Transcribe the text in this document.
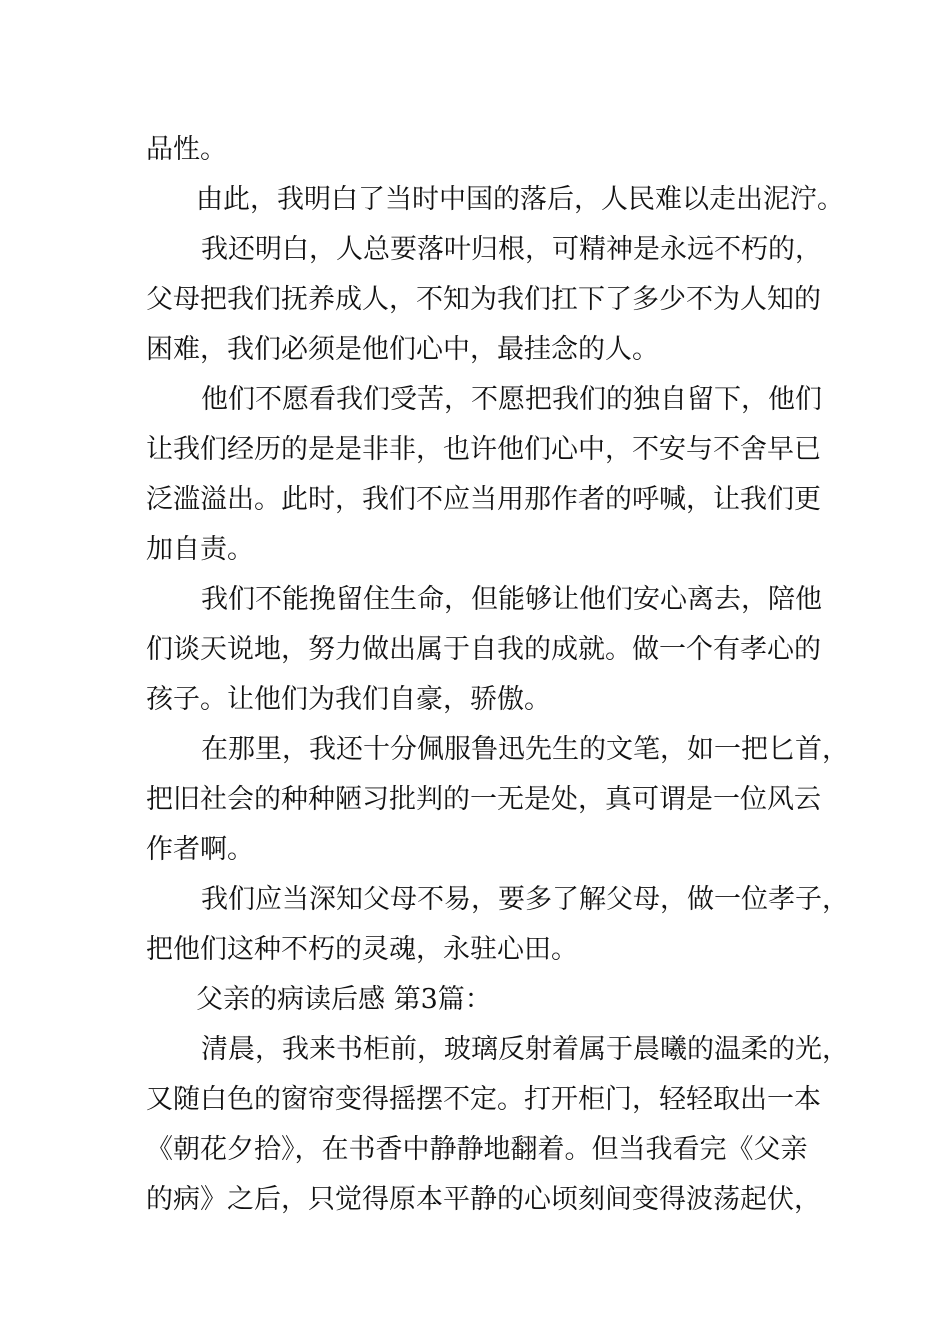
品性。
由此，我明白了当时中国的落后，人民难以走出泥泞。
我还明白，人总要落叶归根，可精神是永远不朽的，
父母把我们抚养成人，不知为我们扛下了多少不为人知的
困难，我们必须是他们心中，最挂念的人。
他们不愿看我们受苦，不愿把我们的独自留下，他们
让我们经历的是是非非，也许他们心中，不安与不舍早已
泛滥溢出。此时，我们不应当用那作者的呼喊，让我们更
加自责。
我们不能挽留住生命，但能够让他们安心离去，陪他
们谈天说地，努力做出属于自我的成就。做一个有孝心的
孩子。让他们为我们自豪，骄傲。
在那里，我还十分佩服鲁迅先生的文笔，如一把匕首，
把旧社会的种种陋习批判的一无是处，真可谓是一位风云
作者啊。
我们应当深知父母不易，要多了解父母，做一位孝子，
把他们这种不朽的灵魂，永驻心田。
父亲的病读后感 第3篇：
清晨，我来书柜前，玻璃反射着属于晨曦的温柔的光，
又随白色的窗帘变得摇摆不定。打开柜门，轻轻取出一本
《朝花夕拾》，在书香中静静地翻着。但当我看完《父亲
的病》之后，只觉得原本平静的心顷刻间变得波荡起伏，
